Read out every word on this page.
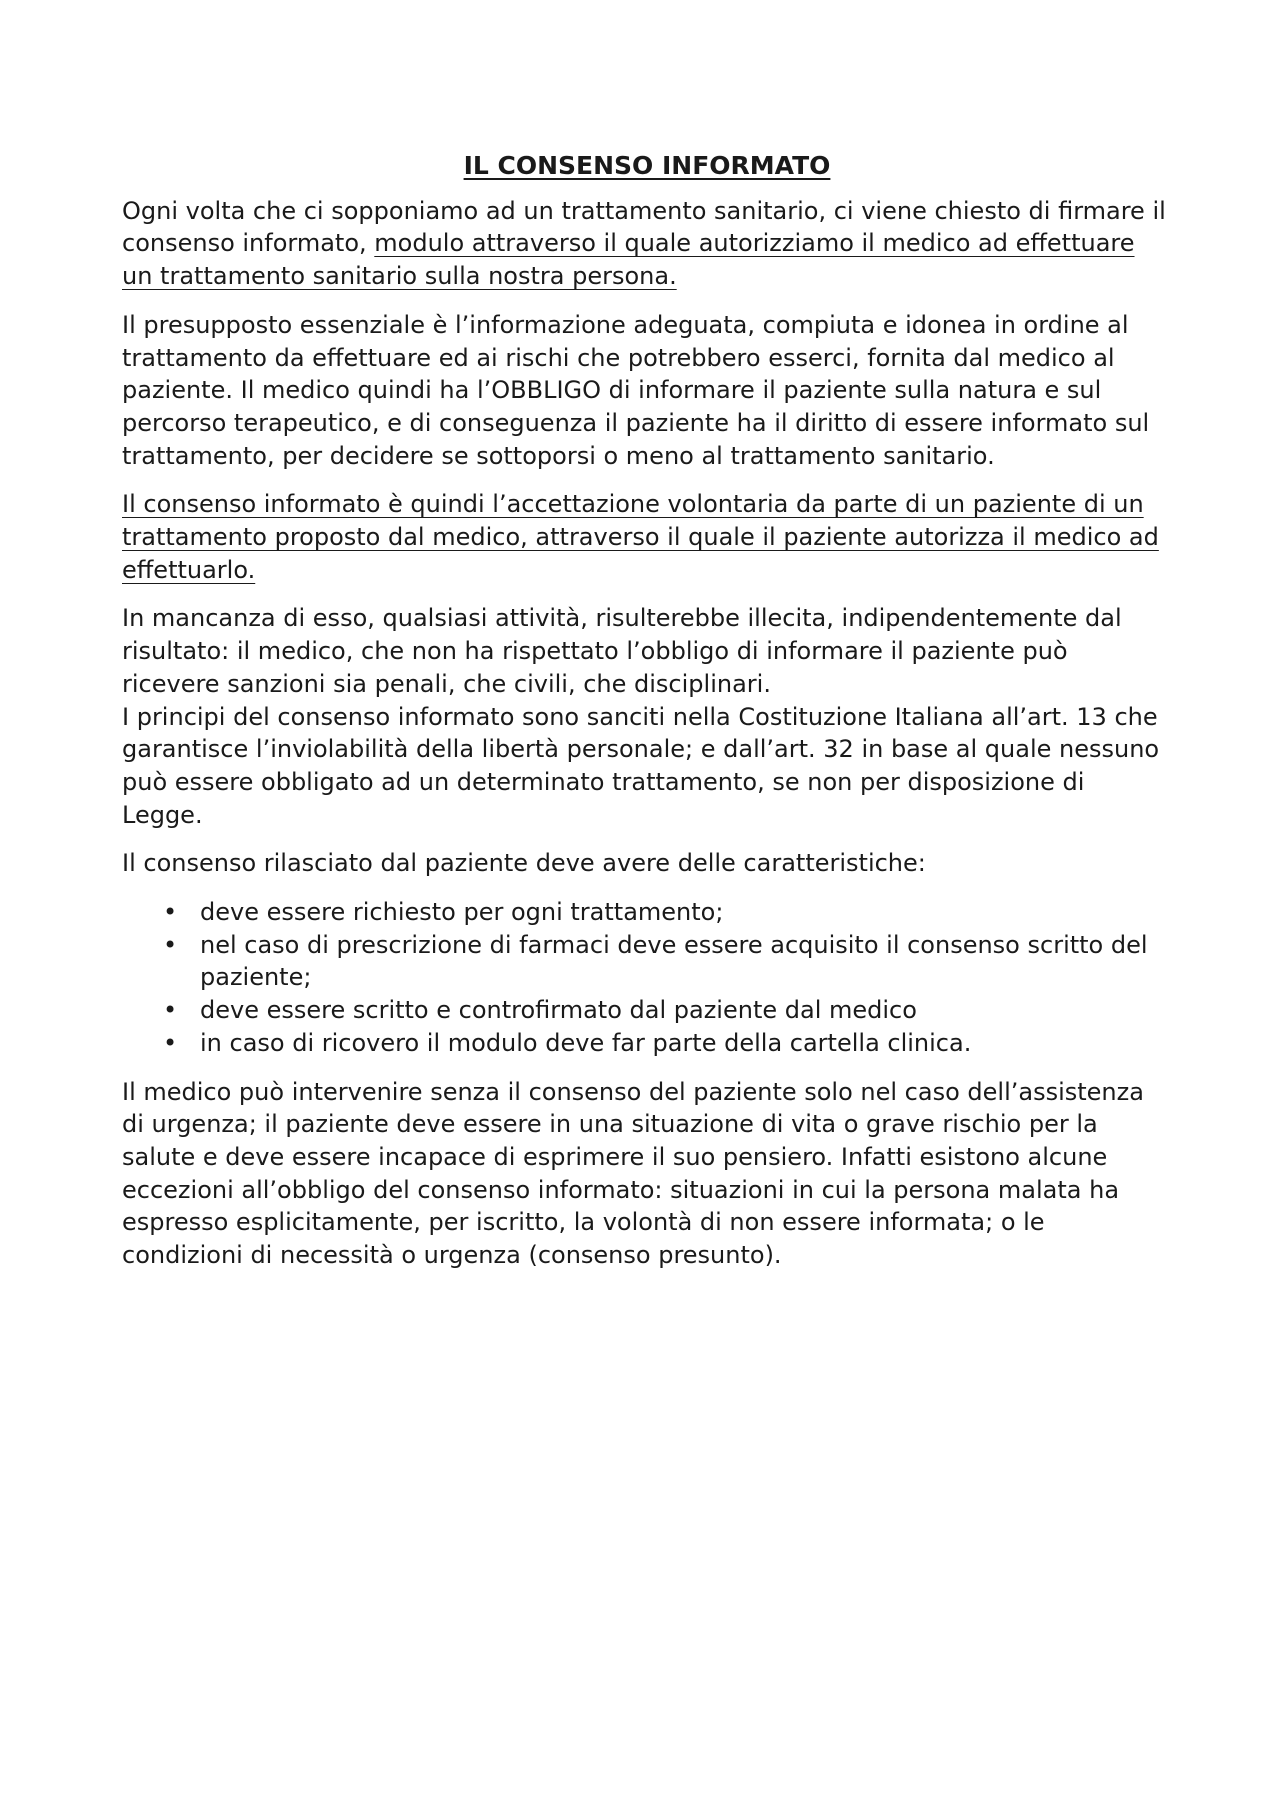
IL CONSENSO INFORMATO

Ogni volta che ci sopponiamo ad un trattamento sanitario, ci viene chiesto di firmare il consenso informato, modulo attraverso il quale autorizziamo il medico ad effettuare un trattamento sanitario sulla nostra persona.

Il presupposto essenziale è l’informazione adeguata, compiuta e idonea in ordine al trattamento da effettuare ed ai rischi che potrebbero esserci, fornita dal medico al paziente. Il medico quindi ha l’OBBLIGO di informare il paziente sulla natura e sul percorso terapeutico, e di conseguenza il paziente ha il diritto di essere informato sul trattamento, per decidere se sottoporsi o meno al trattamento sanitario.

Il consenso informato è quindi l’accettazione volontaria da parte di un paziente di un trattamento proposto dal medico, attraverso il quale il paziente autorizza il medico ad effettuarlo.

In mancanza di esso, qualsiasi attività, risulterebbe illecita, indipendentemente dal risultato: il medico, che non ha rispettato l’obbligo di informare il paziente può ricevere sanzioni sia penali, che civili, che disciplinari.

I principi del consenso informato sono sanciti nella Costituzione Italiana all’art. 13 che garantisce l’inviolabilità della libertà personale; e dall’art. 32 in base al quale nessuno può essere obbligato ad un determinato trattamento, se non per disposizione di Legge.

Il consenso rilasciato dal paziente deve avere delle caratteristiche:

• deve essere richiesto per ogni trattamento;
• nel caso di prescrizione di farmaci deve essere acquisito il consenso scritto del paziente;
• deve essere scritto e controfirmato dal paziente dal medico
• in caso di ricovero il modulo deve far parte della cartella clinica.

Il medico può intervenire senza il consenso del paziente solo nel caso dell’assistenza di urgenza; il paziente deve essere in una situazione di vita o grave rischio per la salute e deve essere incapace di esprimere il suo pensiero. Infatti esistono alcune eccezioni all’obbligo del consenso informato: situazioni in cui la persona malata ha espresso esplicitamente, per iscritto, la volontà di non essere informata; o le condizioni di necessità o urgenza (consenso presunto).
